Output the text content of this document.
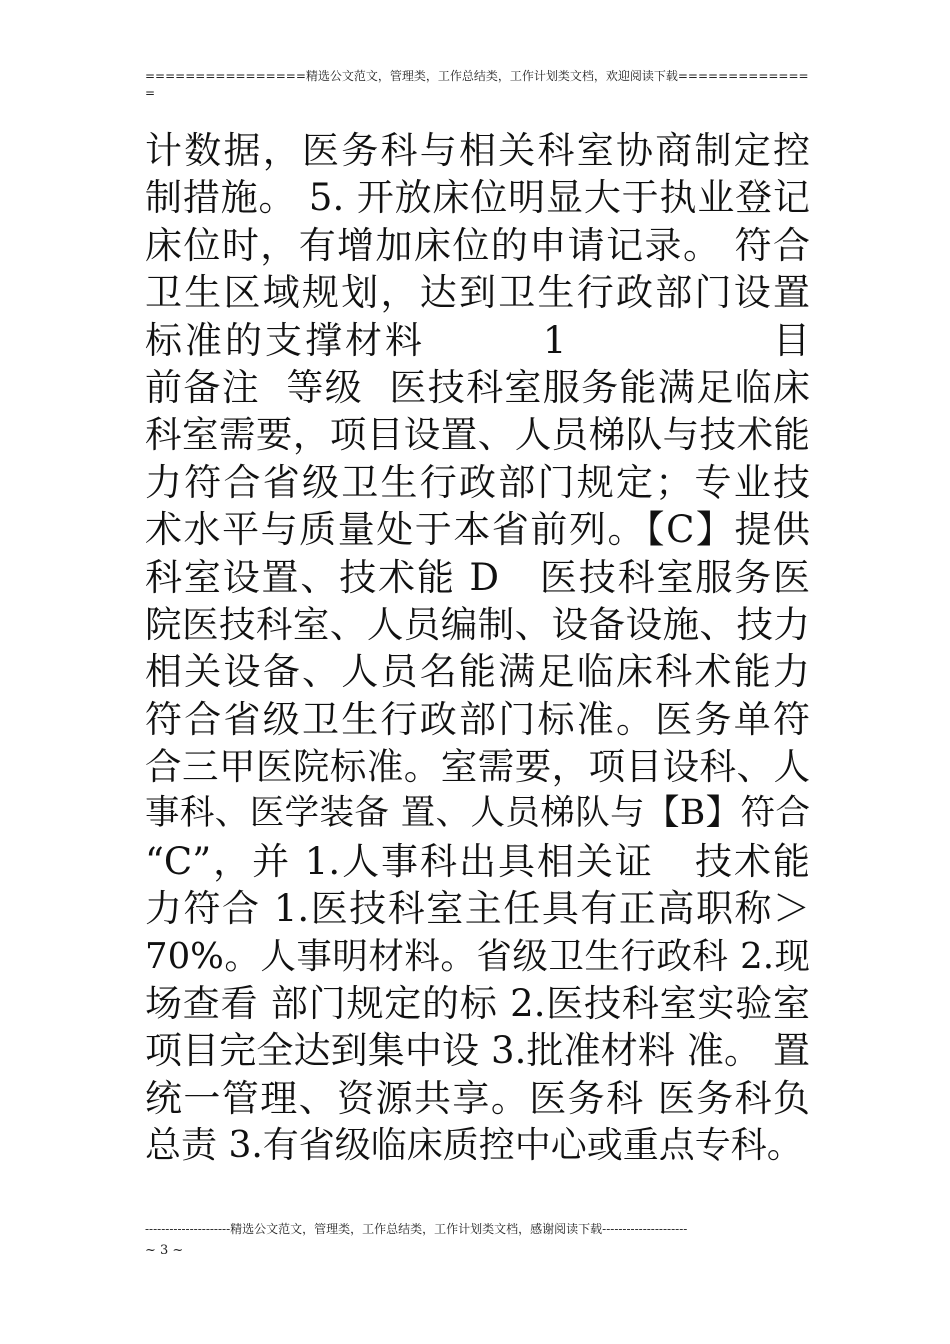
================精选公文范文，管理类，工作总结类，工作计划类文档，欢迎阅读下载==============
计数据，医务科与相关科室协商制定控
制措施。 5. 开放床位明显大于执业登记
床位时，有增加床位的申请记录。 符合
卫生区域规划，达到卫生行政部门设置
标准的支撑材料        1              目
前备注  等级  医技科室服务能满足临床
科室需要，项目设置、人员梯队与技术能
力符合省级卫生行政部门规定；专业技
术水平与质量处于本省前列。【C】提供
科室设置、技术能 D   医技科室服务医
院医技科室、人员编制、设备设施、技力
相关设备、人员名能满足临床科术能力
符合省级卫生行政部门标准。医务单符
合三甲医院标准。室需要，项目设科、人
事科、医学装备 置、人员梯队与【B】符合
“C”，并 1.人事科出具相关证   技术能
力符合 1.医技科室主任具有正高职称＞
70%。人事明材料。省级卫生行政科 2.现
场查看 部门规定的标 2.医技科室实验室
项目完全达到集中设 3.批准材料 准。 置
统一管理、资源共享。医务科 医务科负
总责 3.有省级临床质控中心或重点专科。
---------------------精选公文范文，管理类，工作总结类，工作计划类文档，感谢阅读下载---------------------
~ 3 ~
